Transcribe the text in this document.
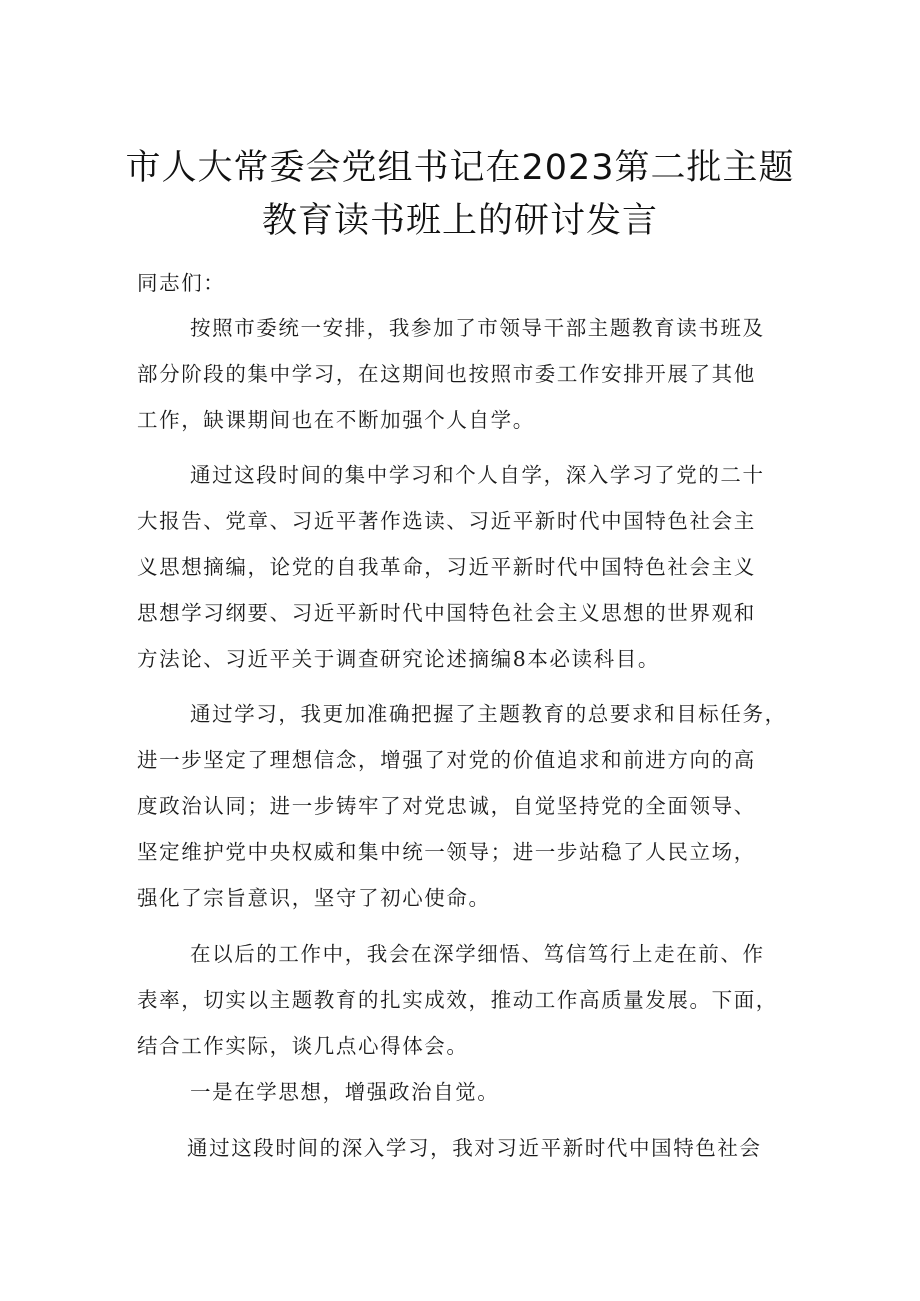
市人大常委会党组书记在2023第二批主题
教育读书班上的研讨发言
同志们：
按照市委统一安排，我参加了市领导干部主题教育读书班及
部分阶段的集中学习，在这期间也按照市委工作安排开展了其他
工作，缺课期间也在不断加强个人自学。
通过这段时间的集中学习和个人自学，深入学习了党的二十
大报告、党章、习近平著作选读、习近平新时代中国特色社会主
义思想摘编，论党的自我革命，习近平新时代中国特色社会主义
思想学习纲要、习近平新时代中国特色社会主义思想的世界观和
方法论、习近平关于调查研究论述摘编8本必读科目。
通过学习，我更加准确把握了主题教育的总要求和目标任务，
进一步坚定了理想信念，增强了对党的价值追求和前进方向的高
度政治认同；进一步铸牢了对党忠诚，自觉坚持党的全面领导、
坚定维护党中央权威和集中统一领导；进一步站稳了人民立场，
强化了宗旨意识，坚守了初心使命。
在以后的工作中，我会在深学细悟、笃信笃行上走在前、作
表率，切实以主题教育的扎实成效，推动工作高质量发展。下面，
结合工作实际，谈几点心得体会。
一是在学思想，增强政治自觉。
通过这段时间的深入学习，我对习近平新时代中国特色社会
